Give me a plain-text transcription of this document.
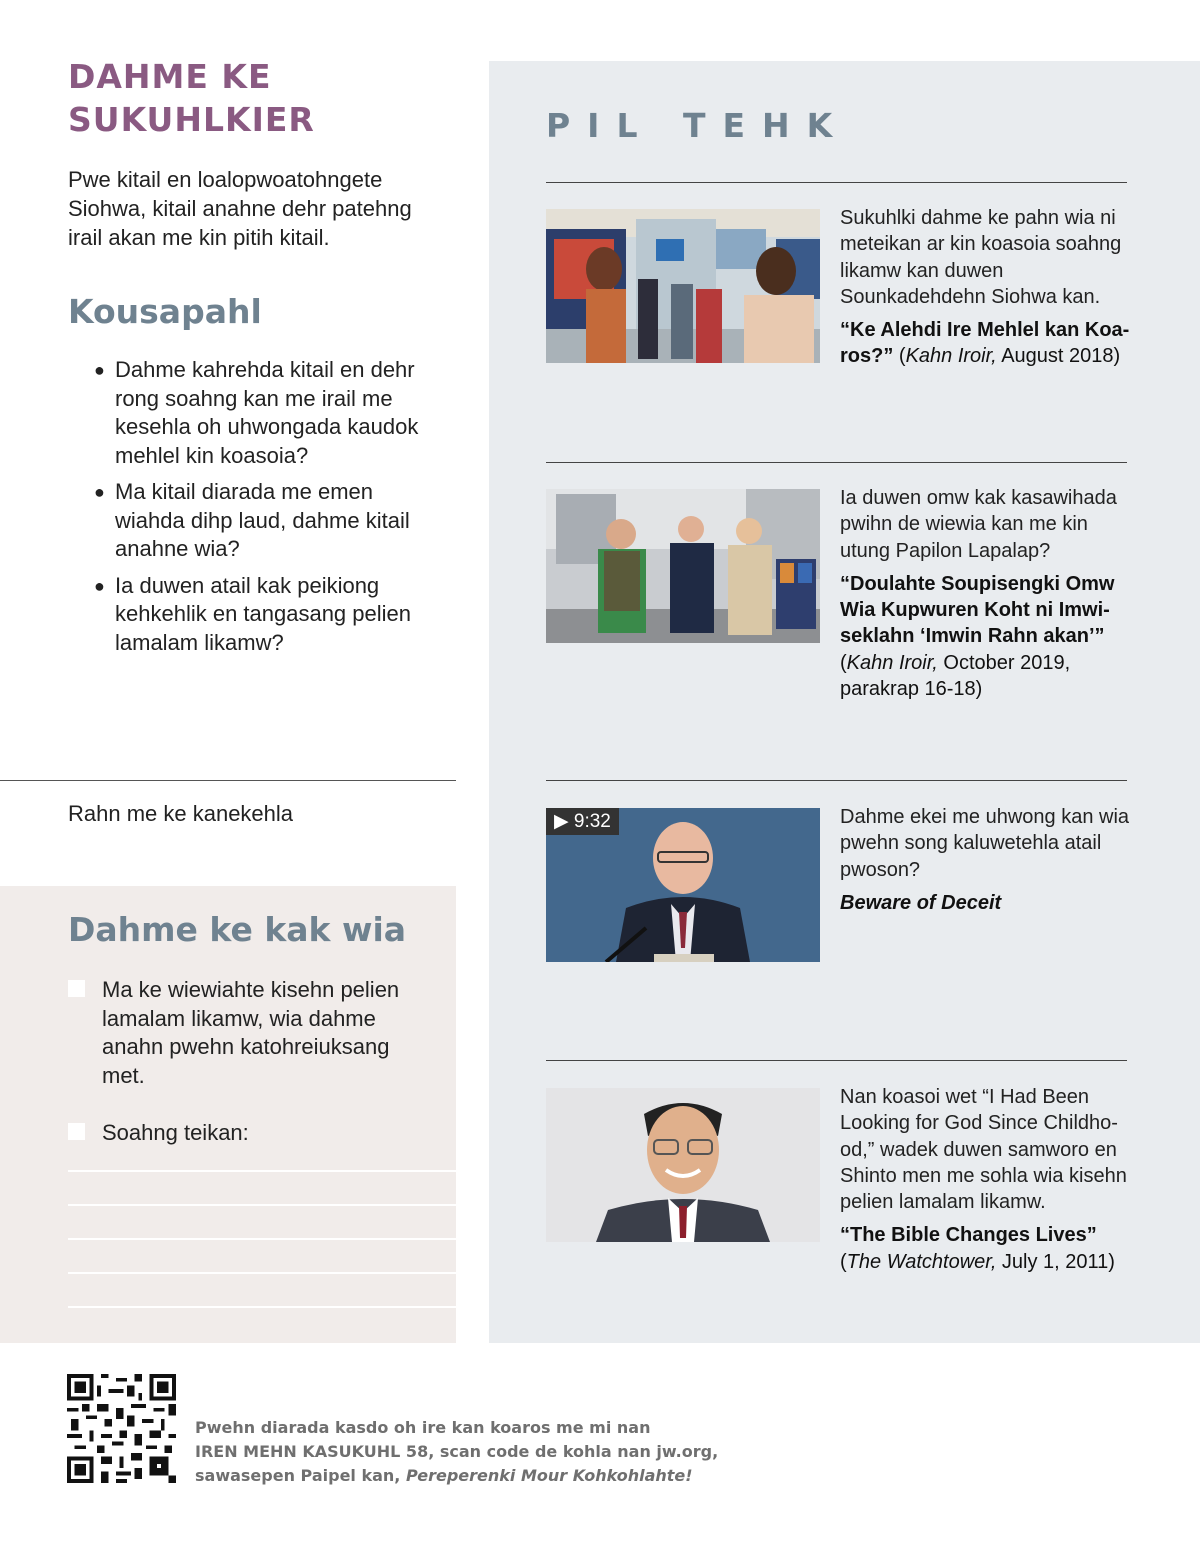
DAHME KE
SUKUHLKIER

Pwe kitail en loalopwoatohngete Siohwa, kitail anahne dehr patehng irail akan me kin pitih kitail.

Kousapahl
● Dahme kahrehda kitail en dehr rong soahng kan me irail me kesehla oh uhwongada kaudok mehlel kin koasoia?
● Ma kitail diarada me emen wiahda dihp laud, dahme kitail anahne wia?
● Ia duwen atail kak peikiong kehkehlik en tangasang pelien lamalam likamw?
Rahn me ke kanekehla
Dahme ke kak wia
Ma ke wiewiahte kisehn pelien lamalam likamw, wia dahme anahn pwehn katohreiuksang met.
Soahng teikan:
PIL TEHK

Sukuhlki dahme ke pahn wia ni meteikan ar kin koasoia soahng likamw kan duwen Sounkadehdehn Siohwa kan.

“Ke Alehdi Ire Mehlel kan Koaros?” (Kahn Iroir, August 2018)

Ia duwen omw kak kasawihada pwihn de wiewia kan me kin utung Papilon Lapalap?

“Doulahte Soupisengki Omw Wia Kupwuren Koht ni Imwiseklahn ‘Imwin Rahn akan’” (Kahn Iroir, October 2019, parakrap 16-18)

▶ 9:32	Dahme ekei me uhwong kan wia pwehn song kaluwetehla atail pwoson?

Beware of Deceit

Nan koasoi wet “I Had Been Looking for God Since Childhood,” wadek duwen samworo en Shinto men me sohla wia kisehn pelien lamalam likamw.

“The Bible Changes Lives”
(The Watchtower, July 1, 2011)

Pwehn diarada kasdo oh ire kan koaros me mi nan
IREN MEHN KASUKUHL 58, scan code de kohla nan jw.org,
sawasepen Paipel kan, Pereperenki Mour Kohkohlahte!
